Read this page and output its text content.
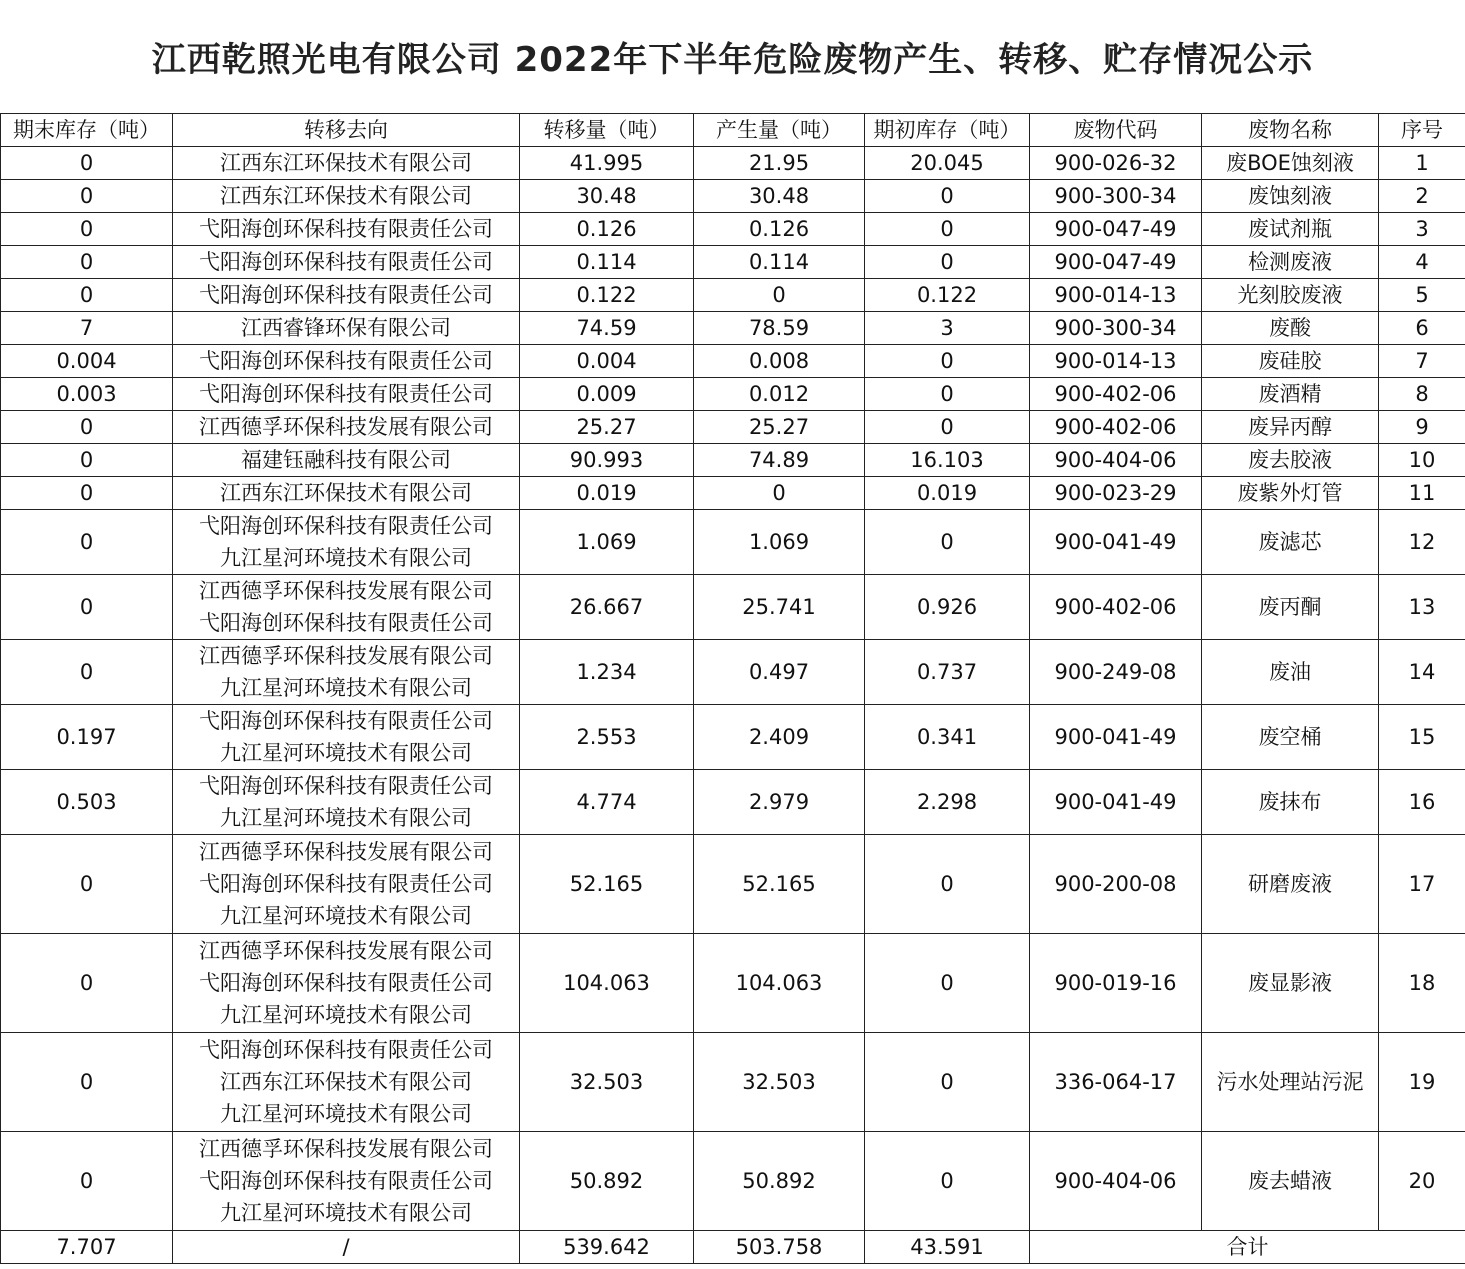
江西乾照光电有限公司 2022年下半年危险废物产生、转移、贮存情况公示
期末库存（吨）	转移去向	转移量（吨）	产生量（吨）	期初库存（吨）	废物代码	废物名称	序号
0	江西东江环保技术有限公司	41.995	21.95	20.045	900-026-32	废BOE蚀刻液	1
0	江西东江环保技术有限公司	30.48	30.48	0	900-300-34	废蚀刻液	2
0	弋阳海创环保科技有限责任公司	0.126	0.126	0	900-047-49	废试剂瓶	3
0	弋阳海创环保科技有限责任公司	0.114	0.114	0	900-047-49	检测废液	4
0	弋阳海创环保科技有限责任公司	0.122	0	0.122	900-014-13	光刻胶废液	5
7	江西睿锋环保有限公司	74.59	78.59	3	900-300-34	废酸	6
0.004	弋阳海创环保科技有限责任公司	0.004	0.008	0	900-014-13	废硅胶	7
0.003	弋阳海创环保科技有限责任公司	0.009	0.012	0	900-402-06	废酒精	8
0	江西德孚环保科技发展有限公司	25.27	25.27	0	900-402-06	废异丙醇	9
0	福建钰融科技有限公司	90.993	74.89	16.103	900-404-06	废去胶液	10
0	江西东江环保技术有限公司	0.019	0	0.019	900-023-29	废紫外灯管	11
0	弋阳海创环保科技有限责任公司
九江星河环境技术有限公司	1.069	1.069	0	900-041-49	废滤芯	12
0	江西德孚环保科技发展有限公司
弋阳海创环保科技有限责任公司	26.667	25.741	0.926	900-402-06	废丙酮	13
0	江西德孚环保科技发展有限公司
九江星河环境技术有限公司	1.234	0.497	0.737	900-249-08	废油	14
0.197	弋阳海创环保科技有限责任公司
九江星河环境技术有限公司	2.553	2.409	0.341	900-041-49	废空桶	15
0.503	弋阳海创环保科技有限责任公司
九江星河环境技术有限公司	4.774	2.979	2.298	900-041-49	废抹布	16
0	江西德孚环保科技发展有限公司
弋阳海创环保科技有限责任公司
九江星河环境技术有限公司	52.165	52.165	0	900-200-08	研磨废液	17
0	江西德孚环保科技发展有限公司
弋阳海创环保科技有限责任公司
九江星河环境技术有限公司	104.063	104.063	0	900-019-16	废显影液	18
0	弋阳海创环保科技有限责任公司
江西东江环保技术有限公司
九江星河环境技术有限公司	32.503	32.503	0	336-064-17	污水处理站污泥	19
0	江西德孚环保科技发展有限公司
弋阳海创环保科技有限责任公司
九江星河环境技术有限公司	50.892	50.892	0	900-404-06	废去蜡液	20
7.707	/	539.642	503.758	43.591	合计		
